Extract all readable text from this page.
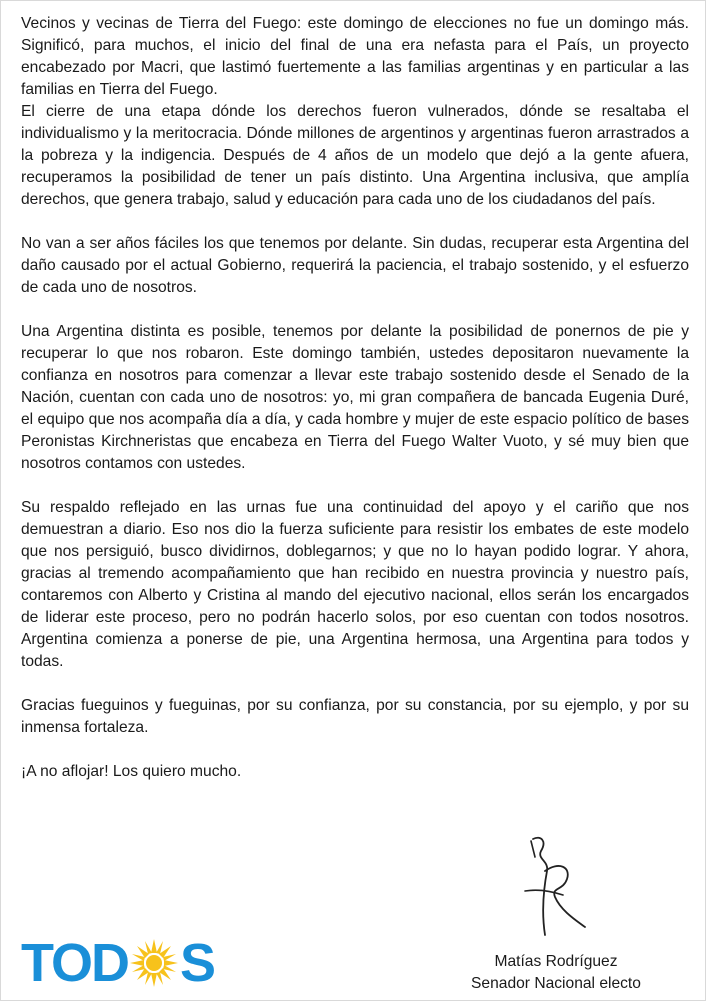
Vecinos y vecinas de Tierra del Fuego: este domingo de elecciones no fue un domingo más. Significó, para muchos, el inicio del final de una era nefasta para el País, un proyecto encabezado por Macri, que lastimó fuertemente a las familias argentinas y en particular a las familias en Tierra del Fuego.

El cierre de una etapa dónde los derechos fueron vulnerados, dónde se resaltaba el individualismo y la meritocracia. Dónde millones de argentinos y argentinas fueron arrastrados a la pobreza y la indigencia. Después de 4 años de un modelo que dejó a la gente afuera, recuperamos la posibilidad de tener un país distinto. Una Argentina inclusiva, que amplía derechos, que genera trabajo, salud y educación para cada uno de los ciudadanos del país.

No van a ser años fáciles los que tenemos por delante. Sin dudas, recuperar esta Argentina del daño causado por el actual Gobierno, requerirá la paciencia, el trabajo sostenido, y el esfuerzo de cada uno de nosotros.

Una Argentina distinta es posible, tenemos por delante la posibilidad de ponernos de pie y recuperar lo que nos robaron. Este domingo también, ustedes depositaron nuevamente la confianza en nosotros para comenzar a llevar este trabajo sostenido desde el Senado de la Nación, cuentan con cada uno de nosotros: yo, mi gran compañera de bancada Eugenia Duré, el equipo que nos acompaña día a día, y cada hombre y mujer de este espacio político de bases Peronistas Kirchneristas que encabeza en Tierra del Fuego Walter Vuoto, y sé muy bien que nosotros contamos con ustedes.

Su respaldo reflejado en las urnas fue una continuidad del apoyo y el cariño que nos demuestran a diario. Eso nos dio la fuerza suficiente para resistir los embates de este modelo que nos persiguió, busco dividirnos, doblegarnos; y que no lo hayan podido lograr. Y ahora, gracias al tremendo acompañamiento que han recibido en nuestra provincia y nuestro país, contaremos con Alberto y Cristina al mando del ejecutivo nacional, ellos serán los encargados de liderar este proceso, pero no podrán hacerlo solos, por eso cuentan con todos nosotros. Argentina comienza a ponerse de pie, una Argentina hermosa, una Argentina para todos y todas.

Gracias fueguinos y fueguinas, por su confianza, por su constancia, por su ejemplo, y por su inmensa fortaleza.

¡A no aflojar! Los quiero mucho.

Matías Rodríguez
Senador Nacional electo
TOD S
